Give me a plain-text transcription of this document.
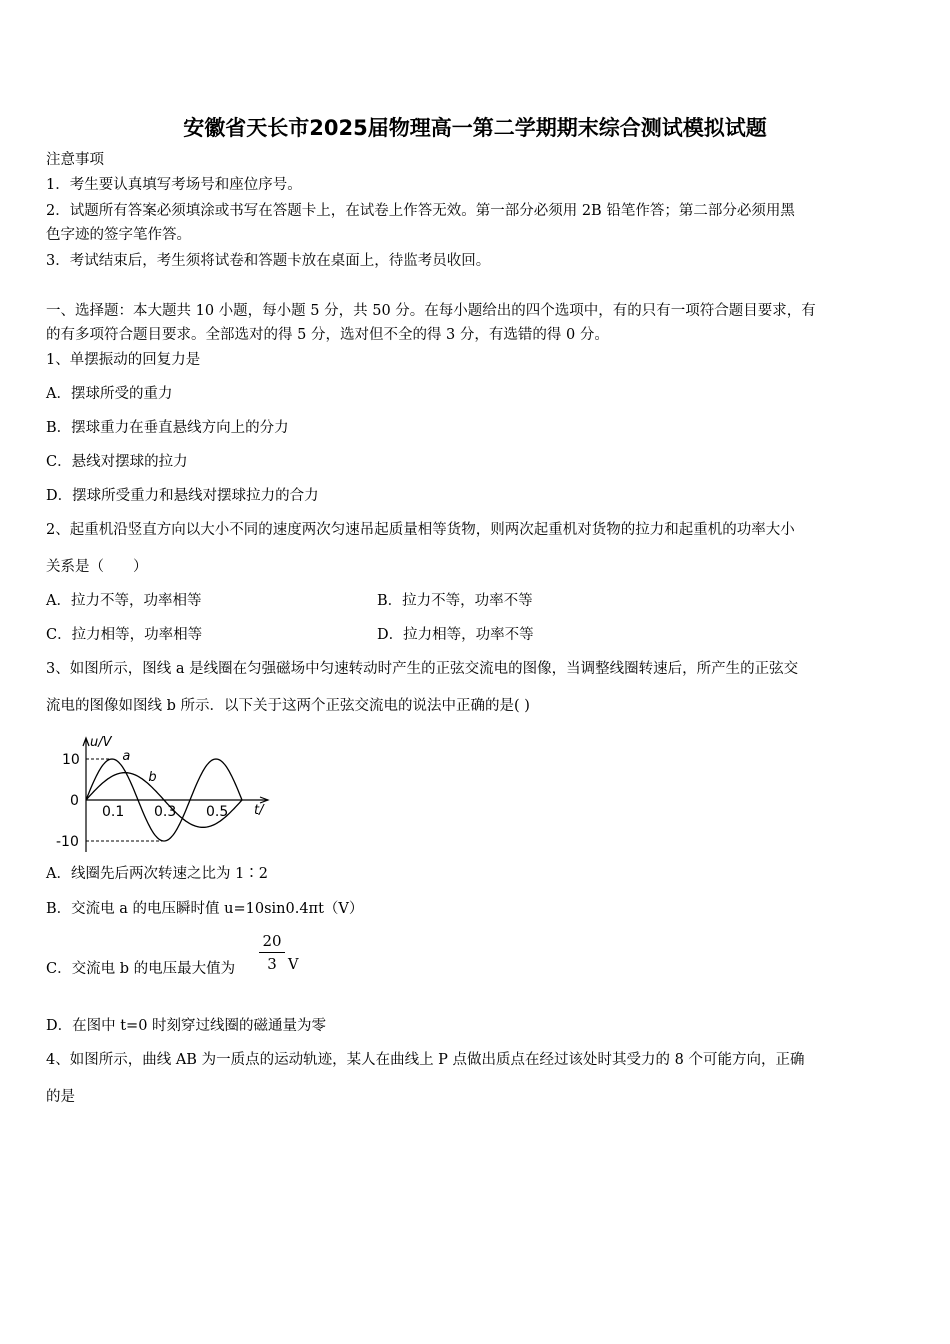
安徽省天长市2025届物理高一第二学期期末综合测试模拟试题
注意事项
1．考生要认真填写考场号和座位序号。
2．试题所有答案必须填涂或书写在答题卡上，在试卷上作答无效。第一部分必须用 2B 铅笔作答；第二部分必须用黑
色字迹的签字笔作答。
3．考试结束后，考生须将试卷和答题卡放在桌面上，待监考员收回。
一、选择题：本大题共 10 小题，每小题 5 分，共 50 分。在每小题给出的四个选项中，有的只有一项符合题目要求，有
的有多项符合题目要求。全部选对的得 5 分，选对但不全的得 3 分，有选错的得 0 分。
1、单摆振动的回复力是
A．摆球所受的重力
B．摆球重力在垂直悬线方向上的分力
C．悬线对摆球的拉力
D．摆球所受重力和悬线对摆球拉力的合力
2、起重机沿竖直方向以大小不同的速度两次匀速吊起质量相等货物，则两次起重机对货物的拉力和起重机的功率大小
关系是（　　）
A．拉力不等，功率相等	B．拉力不等，功率不等
C．拉力相等，功率相等	D．拉力相等，功率不等
3、如图所示，图线 a 是线圈在匀强磁场中匀速转动时产生的正弦交流电的图像，当调整线圈转速后，所产生的正弦交
流电的图像如图线 b 所示．以下关于这两个正弦交流电的说法中正确的是( )
u/V
t/
10
0
-10
0.1 0.3 0.5
a
b
A．线圈先后两次转速之比为 1∶2
B．交流电 a 的电压瞬时值 u=10sin0.4πt（V）
C．交流电 b 的电压最大值为 $\frac{20}{3}$ V
D．在图中 t=0 时刻穿过线圈的磁通量为零
4、如图所示，曲线 AB 为一质点的运动轨迹，某人在曲线上 P 点做出质点在经过该处时其受力的 8 个可能方向，正确
的是
